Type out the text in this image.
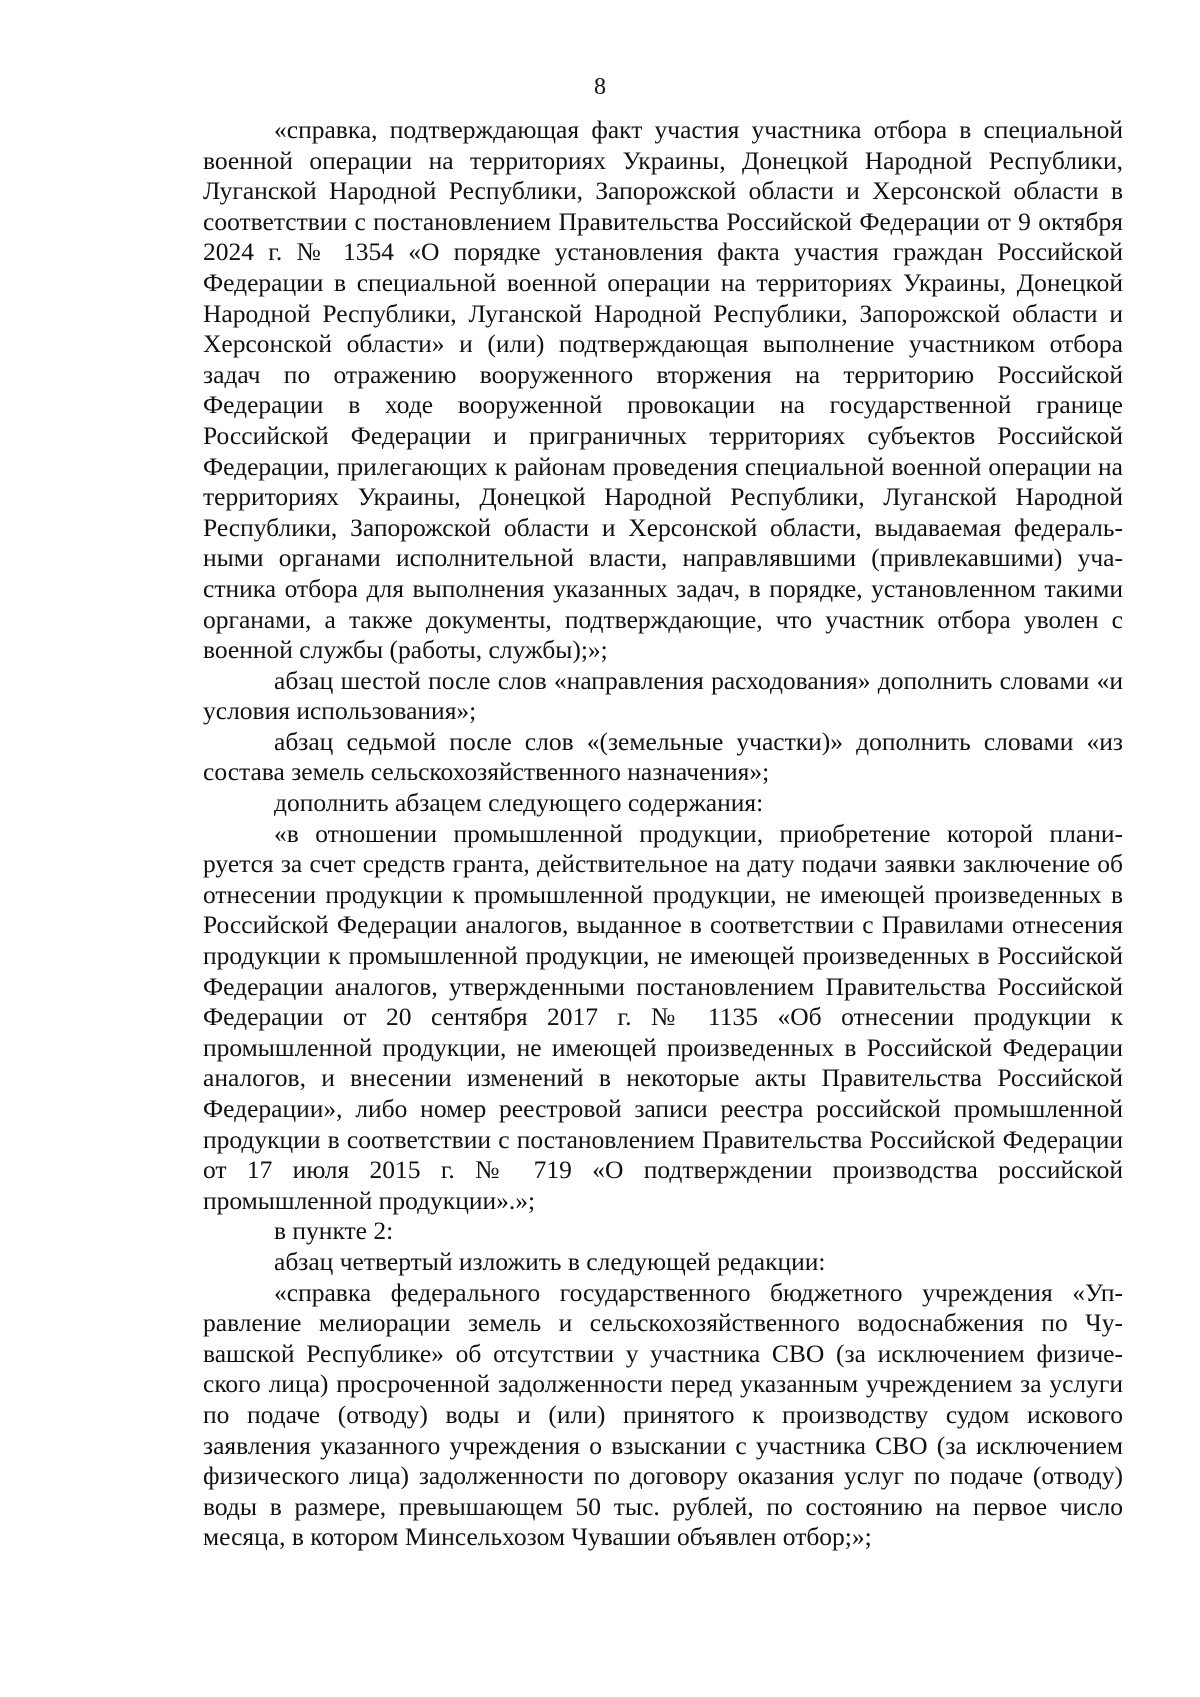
8

«справка, подтверждающая факт участия участника отбора в специальной военной операции на территориях Украины, Донецкой Народной Республики, Луганской Народной Республики, Запорожской области и Херсонской области в соответствии с постановлением Правительства Российской Федерации от 9 октября 2024 г. № 1354 «О порядке установления факта участия граждан Российской Федерации в специальной военной операции на территориях Украины, Донецкой Народной Республики, Луганской Народной Республики, Запорожской области и Херсонской области» и (или) подтверждающая выполнение участником отбора задач по отражению вооруженного вторжения на территорию Российской Федерации в ходе вооруженной провокации на государственной границе Российской Федерации и приграничных территориях субъектов Российской Федерации, прилегающих к районам проведения специальной военной операции на территориях Украины, Донецкой Народной Республики, Луганской Народной Республики, Запорожской области и Херсонской области, выдаваемая федеральными органами исполнительной власти, направлявшими (привлекавшими) участника отбора для выполнения указанных задач, в порядке, установленном такими органами, а также документы, подтверждающие, что участник отбора уволен с военной службы (работы, службы);»;

абзац шестой после слов «направления расходования» дополнить словами «и условия использования»;

абзац седьмой после слов «(земельные участки)» дополнить словами «из состава земель сельскохозяйственного назначения»;

дополнить абзацем следующего содержания:

«в отношении промышленной продукции, приобретение которой планируется за счет средств гранта, действительное на дату подачи заявки заключение об отнесении продукции к промышленной продукции, не имеющей произведенных в Российской Федерации аналогов, выданное в соответствии с Правилами отнесения продукции к промышленной продукции, не имеющей произведенных в Российской Федерации аналогов, утвержденными постановлением Правительства Российской Федерации от 20 сентября 2017 г. № 1135 «Об отнесении продукции к промышленной продукции, не имеющей произведенных в Российской Федерации аналогов, и внесении изменений в некоторые акты Правительства Российской Федерации», либо номер реестровой записи реестра российской промышленной продукции в соответствии с постановлением Правительства Российской Федерации от 17 июля 2015 г. № 719 «О подтверждении производства российской промышленной продукции».»;

в пункте 2:

абзац четвертый изложить в следующей редакции:

«справка федерального государственного бюджетного учреждения «Управление мелиорации земель и сельскохозяйственного водоснабжения по Чувашской Республике» об отсутствии у участника СВО (за исключением физического лица) просроченной задолженности перед указанным учреждением за услуги по подаче (отводу) воды и (или) принятого к производству судом искового заявления указанного учреждения о взыскании с участника СВО (за исключением физического лица) задолженности по договору оказания услуг по подаче (отводу) воды в размере, превышающем 50 тыс. рублей, по состоянию на первое число месяца, в котором Минсельхозом Чувашии объявлен отбор;»;
